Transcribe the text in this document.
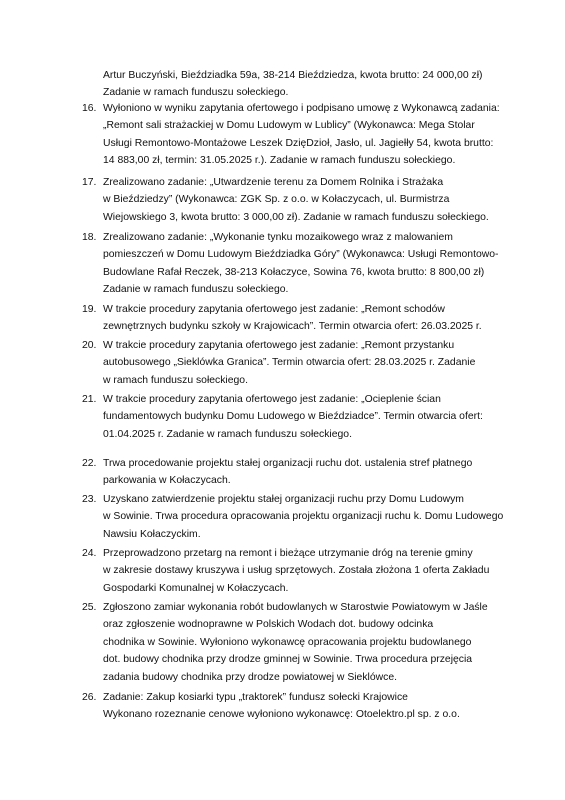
Artur Buczyński, Bieździadka 59a, 38-214 Bieździedza, kwota brutto: 24 000,00 zł)
Zadanie w ramach funduszu sołeckiego.
16. Wyłoniono w wyniku zapytania ofertowego i podpisano umowę z Wykonawcą zadania:
„Remont sali strażackiej w Domu Ludowym w Lublicy” (Wykonawca: Mega Stolar
Usługi Remontowo-Montażowe Leszek DzięDzioł, Jasło, ul. Jagiełły 54, kwota brutto:
14 883,00 zł, termin: 31.05.2025 r.). Zadanie w ramach funduszu sołeckiego.
17. Zrealizowano zadanie: „Utwardzenie terenu za Domem Rolnika i Strażaka
w Bieździedzy” (Wykonawca: ZGK Sp. z o.o. w Kołaczycach, ul. Burmistrza
Wiejowskiego 3, kwota brutto: 3 000,00 zł). Zadanie w ramach funduszu sołeckiego.
18. Zrealizowano zadanie: „Wykonanie tynku mozaikowego wraz z malowaniem
pomieszczeń w Domu Ludowym Bieździadka Góry” (Wykonawca: Usługi Remontowo-
Budowlane Rafał Reczek, 38-213 Kołaczyce, Sowina 76, kwota brutto: 8 800,00 zł)
Zadanie w ramach funduszu sołeckiego.
19. W trakcie procedury zapytania ofertowego jest zadanie: „Remont schodów
zewnętrznych budynku szkoły w Krajowicach”. Termin otwarcia ofert: 26.03.2025 r.
20. W trakcie procedury zapytania ofertowego jest zadanie: „Remont przystanku
autobusowego „Sieklówka Granica”. Termin otwarcia ofert: 28.03.2025 r. Zadanie
w ramach funduszu sołeckiego.
21. W trakcie procedury zapytania ofertowego jest zadanie: „Ocieplenie ścian
fundamentowych budynku Domu Ludowego w Bieździadce”. Termin otwarcia ofert:
01.04.2025 r. Zadanie w ramach funduszu sołeckiego.
22. Trwa procedowanie projektu stałej organizacji ruchu dot. ustalenia stref płatnego
parkowania w Kołaczycach.
23. Uzyskano zatwierdzenie projektu stałej organizacji ruchu przy Domu Ludowym
w Sowinie. Trwa procedura opracowania projektu organizacji ruchu k. Domu Ludowego
Nawsiu Kołaczyckim.
24. Przeprowadzono przetarg na remont i bieżące utrzymanie dróg na terenie gminy
w zakresie dostawy kruszywa i usług sprzętowych. Została złożona 1 oferta Zakładu
Gospodarki Komunalnej w Kołaczycach.
25. Zgłoszono zamiar wykonania robót budowlanych w Starostwie Powiatowym w Jaśle
oraz zgłoszenie wodnoprawne w Polskich Wodach dot. budowy odcinka
chodnika w Sowinie. Wyłoniono wykonawcę opracowania projektu budowlanego
dot. budowy chodnika przy drodze gminnej w Sowinie. Trwa procedura przejęcia
zadania budowy chodnika przy drodze powiatowej w Sieklówce.
26. Zadanie: Zakup kosiarki typu „traktorek” fundusz sołecki Krajowice
Wykonano rozeznanie cenowe wyłoniono wykonawcę: Otoelektro.pl sp. z o.o.
